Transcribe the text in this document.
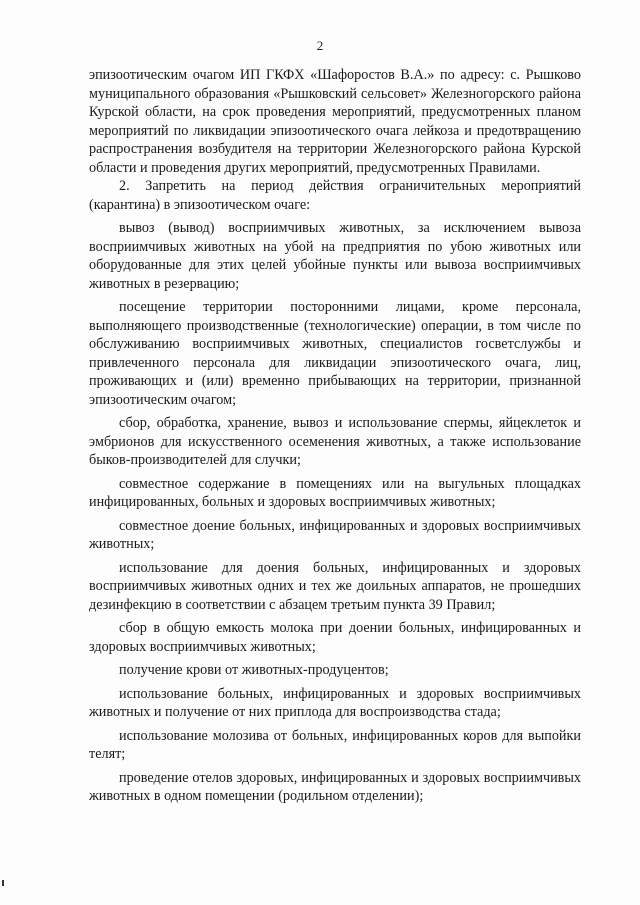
2

эпизоотическим очагом ИП ГКФХ «Шафоростов В.А.» по адресу: с. Рышково муниципального образования «Рышковский сельсовет» Железногорского района Курской области, на срок проведения мероприятий, предусмотренных планом мероприятий по ликвидации эпизоотического очага лейкоза и предотвращению распространения возбудителя на территории Железногорского района Курской области и проведения других мероприятий, предусмотренных Правилами.

2. Запретить на период действия ограничительных мероприятий (карантина) в эпизоотическом очаге:

вывоз (вывод) восприимчивых животных, за исключением вывоза восприимчивых животных на убой на предприятия по убою животных или оборудованные для этих целей убойные пункты или вывоза восприимчивых животных в резервацию;

посещение территории посторонними лицами, кроме персонала, выполняющего производственные (технологические) операции, в том числе по обслуживанию восприимчивых животных, специалистов госветслужбы и привлеченного персонала для ликвидации эпизоотического очага, лиц, проживающих и (или) временно прибывающих на территории, признанной эпизоотическим очагом;

сбор, обработка, хранение, вывоз и использование спермы, яйцеклеток и эмбрионов для искусственного осеменения животных, а также использование быков-производителей для случки;

совместное содержание в помещениях или на выгульных площадках инфицированных, больных и здоровых восприимчивых животных;

совместное доение больных, инфицированных и здоровых восприимчивых животных;

использование для доения больных, инфицированных и здоровых восприимчивых животных одних и тех же доильных аппаратов, не прошедших дезинфекцию в соответствии с абзацем третьим пункта 39 Правил;

сбор в общую емкость молока при доении больных, инфицированных и здоровых восприимчивых животных;

получение крови от животных-продуцентов;

использование больных, инфицированных и здоровых восприимчивых животных и получение от них приплода для воспроизводства стада;

использование молозива от больных, инфицированных коров для выпойки телят;

проведение отелов здоровых, инфицированных и здоровых восприимчивых животных в одном помещении (родильном отделении);
